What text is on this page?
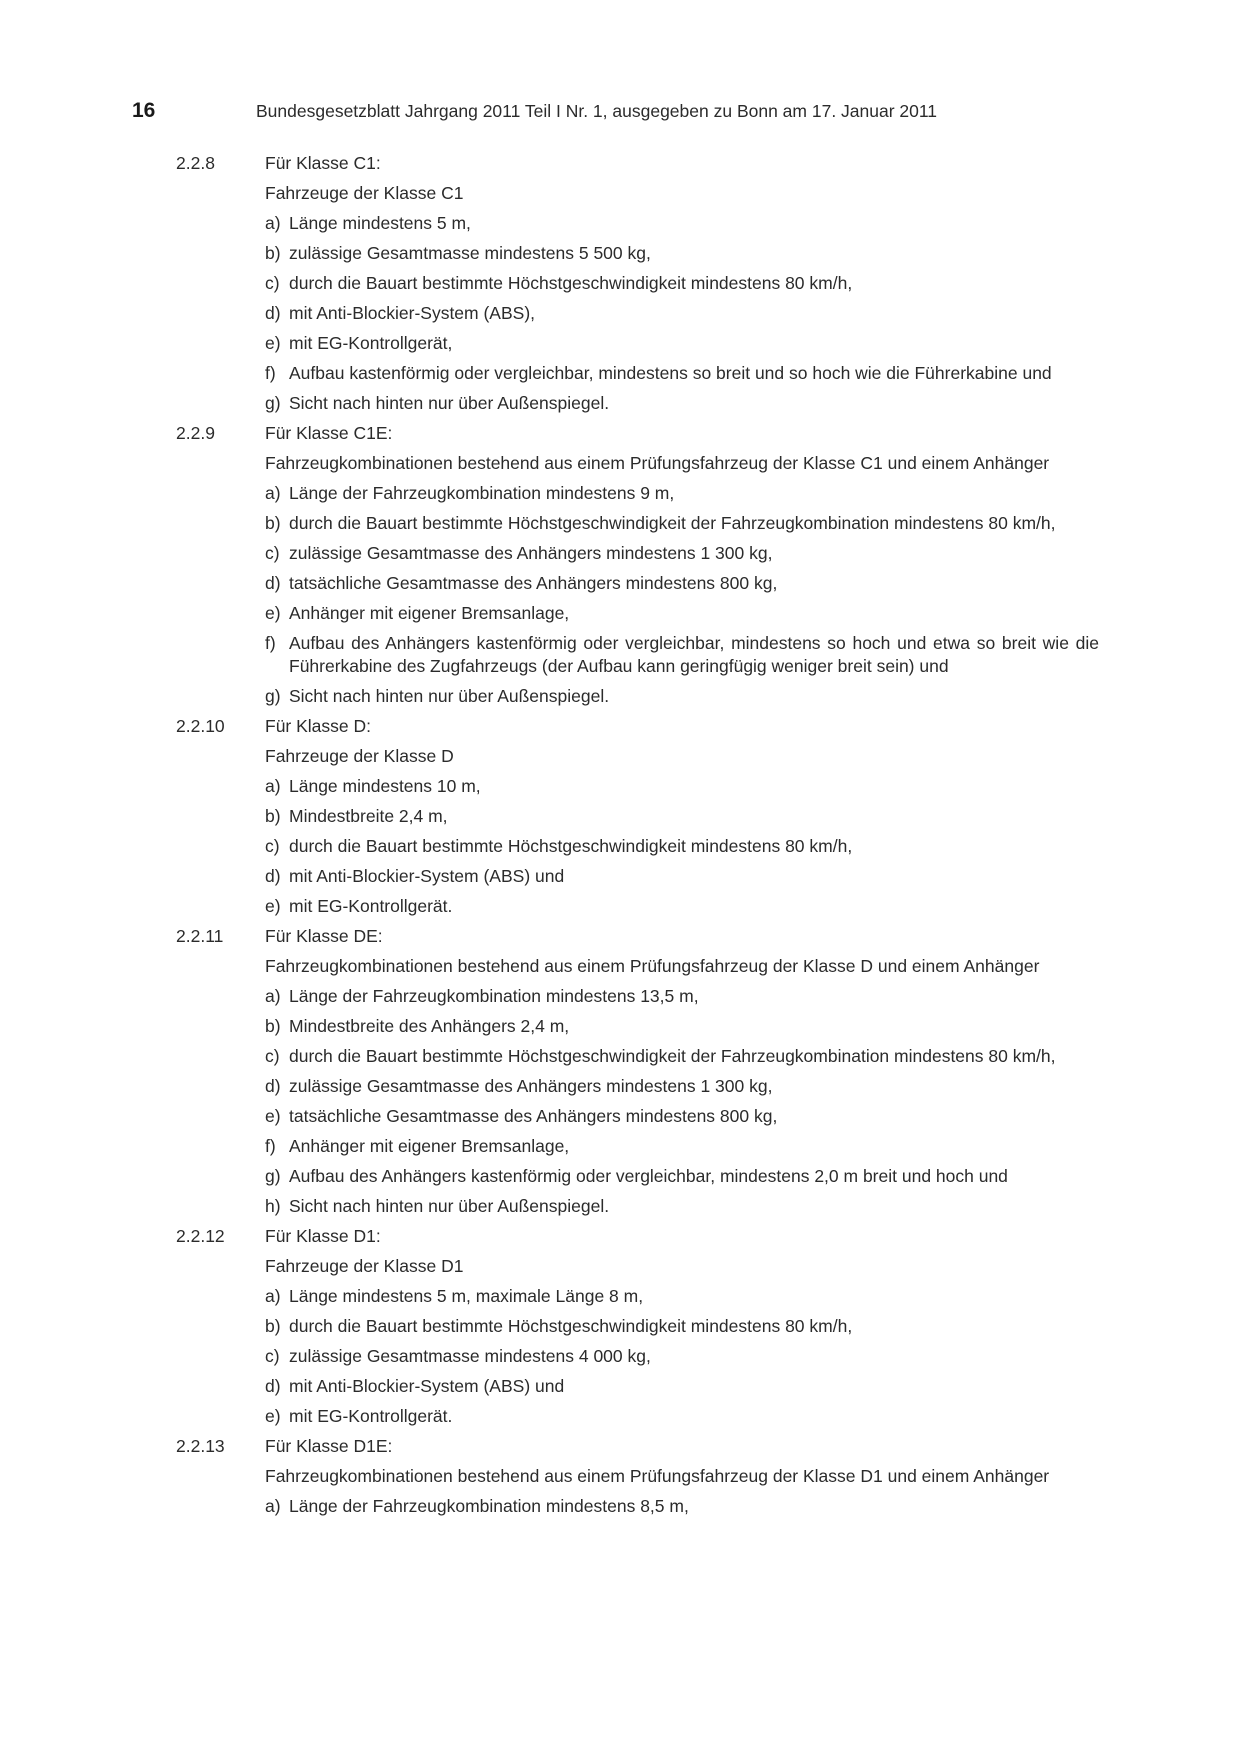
16	Bundesgesetzblatt Jahrgang 2011 Teil I Nr. 1, ausgegeben zu Bonn am 17. Januar 2011
2.2.8	Für Klasse C1:
Fahrzeuge der Klasse C1
a) Länge mindestens 5 m,
b) zulässige Gesamtmasse mindestens 5 500 kg,
c) durch die Bauart bestimmte Höchstgeschwindigkeit mindestens 80 km/h,
d) mit Anti-Blockier-System (ABS),
e) mit EG-Kontrollgerät,
f) Aufbau kastenförmig oder vergleichbar, mindestens so breit und so hoch wie die Führerkabine und
g) Sicht nach hinten nur über Außenspiegel.
2.2.9	Für Klasse C1E:
Fahrzeugkombinationen bestehend aus einem Prüfungsfahrzeug der Klasse C1 und einem Anhänger
a) Länge der Fahrzeugkombination mindestens 9 m,
b) durch die Bauart bestimmte Höchstgeschwindigkeit der Fahrzeugkombination mindestens 80 km/h,
c) zulässige Gesamtmasse des Anhängers mindestens 1 300 kg,
d) tatsächliche Gesamtmasse des Anhängers mindestens 800 kg,
e) Anhänger mit eigener Bremsanlage,
f) Aufbau des Anhängers kastenförmig oder vergleichbar, mindestens so hoch und etwa so breit wie die Führerkabine des Zugfahrzeugs (der Aufbau kann geringfügig weniger breit sein) und
g) Sicht nach hinten nur über Außenspiegel.
2.2.10 Für Klasse D:
Fahrzeuge der Klasse D
a) Länge mindestens 10 m,
b) Mindestbreite 2,4 m,
c) durch die Bauart bestimmte Höchstgeschwindigkeit mindestens 80 km/h,
d) mit Anti-Blockier-System (ABS) und
e) mit EG-Kontrollgerät.
2.2.11 Für Klasse DE:
Fahrzeugkombinationen bestehend aus einem Prüfungsfahrzeug der Klasse D und einem Anhänger
a) Länge der Fahrzeugkombination mindestens 13,5 m,
b) Mindestbreite des Anhängers 2,4 m,
c) durch die Bauart bestimmte Höchstgeschwindigkeit der Fahrzeugkombination mindestens 80 km/h,
d) zulässige Gesamtmasse des Anhängers mindestens 1 300 kg,
e) tatsächliche Gesamtmasse des Anhängers mindestens 800 kg,
f) Anhänger mit eigener Bremsanlage,
g) Aufbau des Anhängers kastenförmig oder vergleichbar, mindestens 2,0 m breit und hoch und
h) Sicht nach hinten nur über Außenspiegel.
2.2.12 Für Klasse D1:
Fahrzeuge der Klasse D1
a) Länge mindestens 5 m, maximale Länge 8 m,
b) durch die Bauart bestimmte Höchstgeschwindigkeit mindestens 80 km/h,
c) zulässige Gesamtmasse mindestens 4 000 kg,
d) mit Anti-Blockier-System (ABS) und
e) mit EG-Kontrollgerät.
2.2.13 Für Klasse D1E:
Fahrzeugkombinationen bestehend aus einem Prüfungsfahrzeug der Klasse D1 und einem Anhänger
a) Länge der Fahrzeugkombination mindestens 8,5 m,
